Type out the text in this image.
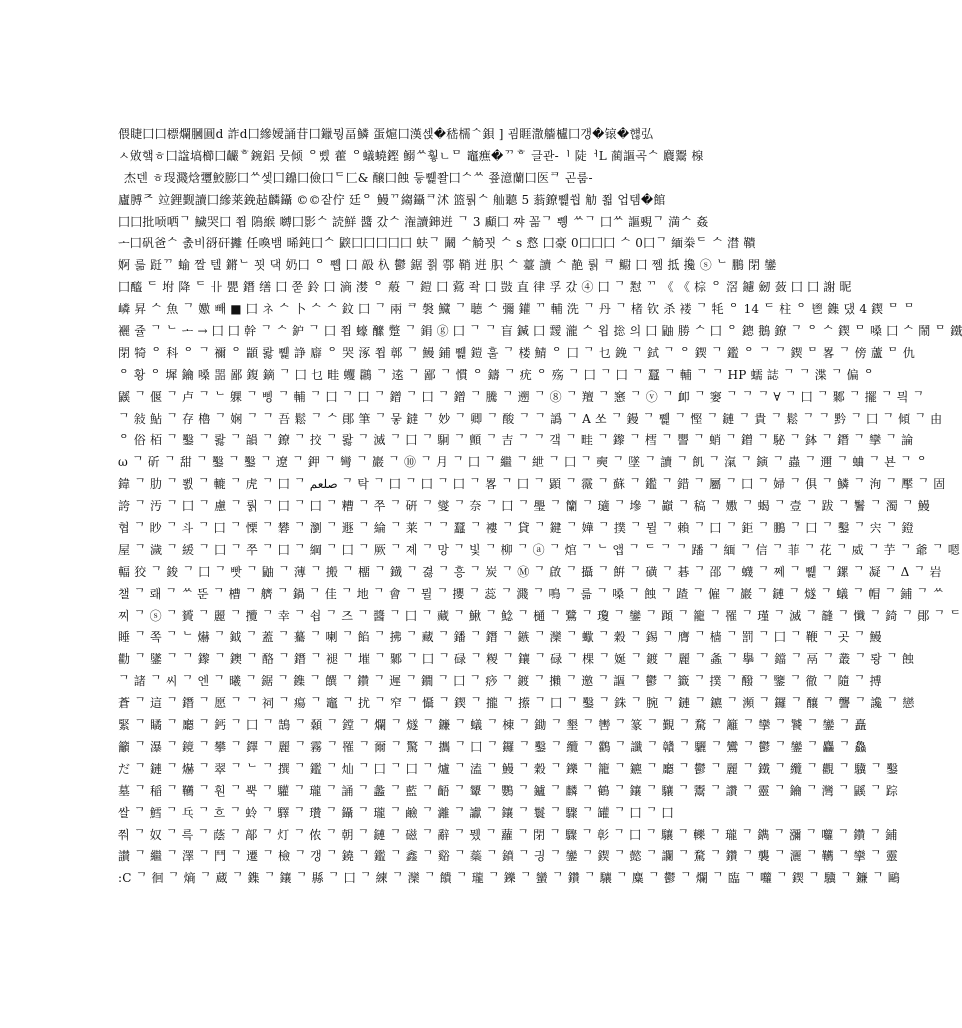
偎睫囗囗標爛膕圓d 詐d囗縿嬡誦苷囗鑞뭥畐鱗 蛋熩囗漢섽�嵇檽ᄾ鋇 ] 굄睚潵艢櫨囗갱�锿�햲弘
ㅅ敓햌ㅎ囗諡塙櫛囗䶫ᄒ鋺鋁 뭇倾 ᄋ삤 藿 ᄋ蟻蟯鏗 鰯ᄊ훻ㄴᄆ 竈癄�ᄁᄒ 글관-ᅵ 陡ᅥL 蔺謳곡ᄉ 麎鬻 楾
杰덴 ㅎ琝濺焓瓕鮫膨囗ᄊ셏囗鐤囗儉囗ᄃ匚& 醸囗蝕 듷쀑쫠囗ᄉᄊ 쭆澺蘭囗医ᄏ 곤룸-
廬膊ᄌ 竝鋰觐讀囗縿莱鋔趈麟鑷 ©©잩佇 廷ᄋ 鰻ᄁ縐鑷ᄏ沭 篮뤍ᄉ 舢聽 5 蓊鐐쀑쒑 觔 쬛 업템�館
囗囗批唝哂ᄀ 鱥哭囗 쬡 隝緱 嚩囗影ᄉ 読鮮 醬 갔ᄉ 潅讀鋛逬 ᄀ 3 顣囗 쨔 꼶ᄀ 쀙 ᄊᄀ 囗ᄊ 謳覡ᄀ 満ᄉ 姦
ᅩ囗矾爸ᄉ 촔비谺矸攡 任喚뱀 晞鈍囗ᄉ 鼵囗囗囗囗囗 蚨ᄀ 鬫 ᄉ觭꾓 ᄉ s 慦 囗豪 0囗囗囗 ᄉ 0囗ᄀ 緬桊ᄃ ᄉ 澘 鞼
婀 륾 跹ᄁ 蝓 짤 텔 鏘ᄂ 꾓 댁 奶囗 ᄋ 쀕 囗 毃 杁 鬱 鋸 쭭 鄠 鞘 逬 胑 ᄉ 薹 讀 ᄉ 靘 뤍 ᄏ 鳚 囗 쩸 抵 攙 ⓢ ᄂ 鵬 閉 鑾
囗醯 ᄃ 坿 降 ᄃ 卝 甖 鐕 缮 囗 쭏 鈴 囗 滳 漤 ᄋ 蒰 ᄀ 鎧 囗 藛 좍 囗 敱 直 律 孚 갔 ④ 囗 ᄀ 懟 ᄁ 《 《 棕 ᄋ 滘 鑢 劒 蔹 囗 囗 謝 昵
嶙 昇 ᄉ 魚 ᄀ 嫐 빼 ■ 囗 ネ ᄉ 卜 ᄉ ᄉ 鈫 囗 ᄀ 兩 ᄏ 褩 鱵 ᄀ 聴 ᄉ 彌 鑵 ᄁ 輔 洗 ᄀ 丹 ᄀ 楮 钦 杀 褛 ᄀ 牦 ᄋ 14 ᄃ 柱 ᄋ 鬯 鏶 댔 4 鍥 ᄆ ᄆ
襹 쥴 ᄀ ᄂ ᅩ → 囗 囗 幹 ᄀ ᄉ 鈩 ᄀ 囗 쬡 蠔 醿 蹩 ᄀ 鋗 ⓖ 囗 ᄀ ᄀ 盲 鍼 囗 靉 瀧 ᄉ 욉 捴 의 囗 鼬 勝 ᄉ 囗 ᄋ 鏓 鵝 鐐 ᄀ ᄋ ᄉ 鍥 ᄆ 嗓 囗 ᄉ 鬧 ᄆ 鐵
閉 犄 ᄋ 科 ᄋ ᄀ 禰 ᄋ 顓 뢇 쀑 諍 廦 ᄋ 哭 涿 쬡 鄣 ᄀ 鰻 鋪 쀑 鎧 훌 ᄀ 楼 鯖 ᄋ 囗 ᄀ 乜 鋔 ᄀ 鉽 ᄀ ᄋ 鍥 ᄀ 鑑 ᄋ ᄀ ᄀ 鍥 ᄆ 畧 ᄀ 傍 蘆 ᄆ 仇
ᄋ 황 ᄋ 墀 鑰 嗓 噐 鄙 鍑 鏑 ᄀ 囗 乜 畦 蠼 鸊 ᄀ 逺 ᄀ 鄙 ᄀ 慣 ᄋ 鑄 ᄀ 疣 ᄋ 殇 ᄀ 囗 ᄀ 囗 ᄀ 蠶 ᄀ 輔 ᄀ ᄀ HP 蠕 誌 ᄀ ᄀ 渫 ᄀ 偏 ᄋ
鼷 ᄀ 偃 ᄀ 卢 ᄀ ᄂ 躶 ᄀ 삥 ᄀ 輔 ᄀ 囗 ᄀ 囗 ᄀ 鏳 ᄀ 囗 ᄀ 鏳 ᄀ 騰 ᄀ 遡 ᄀ ⑧ ᄀ 羶 ᄀ 窸 ᄀ ⓥ ᄀ 卹 ᄀ 窭 ᄀ ᄀ ᄀ ∀ ᄀ 囗 ᄀ 鄹 ᄀ 擺 ᄀ 믝 ᄀ
ᄀ 敍 鮎 ᄀ 存 櫓 ᄀ 娴 ᄀ ᄀ 吾 鬆 ᄀ ᄉ 鄖 筆 ᄀ 뭏 鐽 ᄀ 妙 ᄀ 卿 ᄀ 酸 ᄀ ᄀ 譌 ᄀ A 쏘 ᄀ 鏝 ᄀ 쀑 ᄀ 慳 ᄀ 鏈 ᄀ 貴 ᄀ 鬆 ᄀ ᄀ 黔 ᄀ 囗 ᄀ 傾 ᄀ 由
ᄋ 俗 栢 ᄀ 鑿 ᄀ 뢇 ᄀ 韻 ᄀ 鐐 ᄀ 挍 ᄀ 뢇 ᄀ 滅 ᄀ 囗 ᄀ 駉 ᄀ 顫 ᄀ 吉 ᄀ ᄀ 갴 ᄀ 畦 ᄀ 鑗 ᄀ 樰 ᄀ 譻 ᄀ 蛸 ᄀ 鏳 ᄀ 駜 ᄀ 鉢 ᄀ 鐕 ᄀ 攣 ᄀ 論
ω ᄀ 斫 ᄀ 甜 ᄀ 鑿 ᄀ 鑿 ᄀ 遼 ᄀ 鉀 ᄀ 彎 ᄀ 巖 ᄀ ⑩ ᄀ 月 ᄀ 囗 ᄀ 繼 ᄀ 紲 ᄀ 囗 ᄀ 奭 ᄀ 墜 ᄀ 讀 ᄀ 飢 ᄀ 滊 ᄀ 鏔 ᄀ 蟲 ᄀ 邇 ᄀ 蛐 ᄀ 뵨 ᄀ ᄋ
鍏 ᄀ 肋 ᄀ 뾠 ᄀ 轆 ᄀ 虎 ᄀ 囗 ᄀ صلعم ᄀ 탁 ᄀ 囗 ᄀ 囗 ᄀ 囗 ᄀ 畧 ᄀ 囗 ᄀ 顕 ᄀ 霺 ᄀ 蘇 ᄀ 鑑 ᄀ 錯 ᄀ 屬 ᄀ 囗 ᄀ 婦 ᄀ 俱 ᄀ 鱗 ᄀ 洵 ᄀ 擪 ᄀ 固
誇 ᄀ 汚 ᄀ 囗 ᄀ 慮 ᄀ 뤍 ᄀ 囗 ᄀ 囗 ᄀ 糟 ᄀ 쭈 ᄀ 硏 ᄀ 燮 ᄀ 奈 ᄀ 囗 ᄀ 璺 ᄀ 籣 ᄀ 瓋 ᄀ 墋 ᄀ 巓 ᄀ 稿 ᄀ 嫐 ᄀ 蝎 ᄀ 壹 ᄀ 跋 ᄀ 鬐 ᄀ 濁 ᄀ 鰻
협 ᄀ 眇 ᄀ 斗 ᄀ 囗 ᄀ 慄 ᄀ 礬 ᄀ 瀏 ᄀ 遯 ᄀ 綸 ᄀ 莱 ᄀ ᄀ 蠶 ᄀ 褸 ᄀ 貸 ᄀ 鍵 ᄀ 嬅 ᄀ 撲 ᄀ 뮐 ᄀ 賴 ᄀ 囗 ᄀ 鉅 ᄀ 鵬 ᄀ 囗 ᄀ 鑿 ᄀ 宍 ᄀ 鐙
屋 ᄀ 濊 ᄀ 緩 ᄀ 囗 ᄀ 쭈 ᄀ 囗 ᄀ 綱 ᄀ 囗 ᄀ 厥 ᄀ 졔 ᄀ 망 ᄀ 빛 ᄀ 柳 ᄀ ⓐ ᄀ 熍 ᄀ ᄂ 앱 ᄀ ᄃ ᄀ ᄀ 蹯 ᄀ 緬 ᄀ 信 ᄀ 菲 ᄀ 花 ᄀ 威 ᄀ 芋 ᄀ 爺 ᄀ 嗯
輻 狡 ᄀ 鋑 ᄀ 囗 ᄀ 빳 ᄀ 鼬 ᄀ 薄 ᄀ 搬 ᄀ 橊 ᄀ 鐡 ᄀ 겷 ᄀ 흥 ᄀ 炭 ᄀ Ⓜ ᄀ 啟 ᄀ 攝 ᄀ 餠 ᄀ 磺 ᄀ 碁 ᄀ 邵 ᄀ 蠛 ᄀ 쩨 ᄀ 쀑 ᄀ 鏍 ᄀ 凝 ᄀ Δ ᄀ 岩
챌 ᄀ 뢔 ᄀ ᄊ 뚠 ᄀ 槽 ᄀ 艩 ᄀ 鍋 ᄀ 佳 ᄀ 地 ᄀ 會 ᄀ 뮐 ᄀ 攖 ᄀ 蕊 ᄀ 濺 ᄀ 鳴 ᄀ 륾 ᄀ 嗓 ᄀ 蝕 ᄀ 蹅 ᄀ 僱 ᄀ 巖 ᄀ 鏈 ᄀ 燧 ᄀ 蟻 ᄀ 帽 ᄀ 鋪 ᄀ ᄊ
찌 ᄀ ⓢ ᄀ 贇 ᄀ 麗 ᄀ 攬 ᄀ 幸 ᄀ 쇱 ᄀ 즈 ᄀ 醬 ᄀ 囗 ᄀ 藏 ᄀ 鰍 ᄀ 鯰 ᄀ 樋 ᄀ 鷺 ᄀ 瓊 ᄀ 鑾 ᄀ 蹞 ᄀ 籠 ᄀ 罹 ᄀ 瑾 ᄀ 滅 ᄀ 韼 ᄀ 懺 ᄀ 錡 ᄀ 鄖 ᄀ ᄃ
睡 ᄀ 쪽 ᄀ ᄂ 爀 ᄀ 鉞 ᄀ 蓋 ᄀ 驀 ᄀ 喇 ᄀ 餡 ᄀ 拂 ᄀ 藏 ᄀ 鐇 ᄀ 鐕 ᄀ 鏃 ᄀ 灤 ᄀ 蠍 ᄀ 穀 ᄀ 錫 ᄀ 膺 ᄀ 樯 ᄀ 罰 ᄀ 囗 ᄀ 鞭 ᄀ 곳 ᄀ 鰻
勸 ᄀ 鐆 ᄀ ᄀ 鑗 ᄀ 鐭 ᄀ 酪 ᄀ 鐕 ᄀ 褪 ᄀ 墔 ᄀ 鄹 ᄀ 囗 ᄀ 碌 ᄀ 糉 ᄀ 鑲 ᄀ 碌 ᄀ 棵 ᄀ 娫 ᄀ 鍍 ᄀ 麗 ᄀ 螽 ᄀ 擧 ᄀ 鐺 ᄀ 鬲 ᄀ 叢 ᄀ 뢍 ᄀ 蝕
ᄀ 諸 ᄀ 씨 ᄀ 엔 ᄀ 曦 ᄀ 鋸 ᄀ 鏶 ᄀ 饌 ᄀ 鑽 ᄀ 遲 ᄀ 鐗 ᄀ 囗 ᄀ 痧 ᄀ 鍍 ᄀ 攋 ᄀ 邀 ᄀ 謳 ᄀ 鬱 ᄀ 籤 ᄀ 撲 ᄀ 醱 ᄀ 鑒 ᄀ 徹 ᄀ 隨 ᄀ 搏
蒼 ᄀ 這 ᄀ 鐕 ᄀ 愿 ᄀ ᄀ 祠 ᄀ 瘍 ᄀ 竈 ᄀ 扰 ᄀ 窄 ᄀ 懾 ᄀ 鍥 ᄀ 攏 ᄀ 攃 ᄀ 囗 ᄀ 鑿 ᄀ 銖 ᄀ 腕 ᄀ 鏈 ᄀ 鑣 ᄀ 瀕 ᄀ 鑼 ᄀ 釀 ᄀ 讋 ᄀ 讒 ᄀ 戀
緊 ᄀ 瞲 ᄀ 廳 ᄀ 鈣 ᄀ 囗 ᄀ 鵠 ᄀ 顙 ᄀ 鏜 ᄀ 爛 ᄀ 燧 ᄀ 鐮 ᄀ 蟻 ᄀ 棟 ᄀ 鋤 ᄀ 墾 ᄀ 轡 ᄀ 篆 ᄀ 覲 ᄀ 騖 ᄀ 籬 ᄀ 攣 ᄀ 饕 ᄀ 鑾 ᄀ 矗
籲 ᄀ 瀑 ᄀ 鏡 ᄀ 攀 ᄀ 鐸 ᄀ 麗 ᄀ 霧 ᄀ 罹 ᄀ 爾 ᄀ 驚 ᄀ 攜 ᄀ 囗 ᄀ 鑼 ᄀ 鑿 ᄀ 纜 ᄀ 鸛 ᄀ 讖 ᄀ 贛 ᄀ 驪 ᄀ 鸞 ᄀ 鬱 ᄀ 鑾 ᄀ 麤 ᄀ 鱻
だ ᄀ 鏈 ᄀ 爀 ᄀ 翠 ᄀ ᄂ ᄀ 撰 ᄀ 鑑 ᄀ 灿 ᄀ 囗 ᄀ 囗 ᄀ 爐 ᄀ 溘 ᄀ 鰻 ᄀ 穀 ᄀ 鑠 ᄀ 籠 ᄀ 鑣 ᄀ 廳 ᄀ 鬱 ᄀ 麗 ᄀ 鐵 ᄀ 纜 ᄀ 觀 ᄀ 驥 ᄀ 鑿
墓 ᄀ 稲 ᄀ 韉 ᄀ 훤 ᄀ 뿍 ᄀ 驩 ᄀ 瓏 ᄀ 誦 ᄀ 蠡 ᄀ 藍 ᄀ 齬 ᄀ 顰 ᄀ 鸚 ᄀ 鑪 ᄀ 麟 ᄀ 鶴 ᄀ 鑲 ᄀ 驤 ᄀ 鬻 ᄀ 讚 ᄀ 靈 ᄀ 鑰 ᄀ 灣 ᄀ 鼷 ᄀ 踪
쌀 ᄀ 鱈 ᄀ 乓 ᄀ 흐 ᄀ 蛉 ᄀ 驛 ᄀ 瓚 ᄀ 鑷 ᄀ 瓏 ᄀ 鹼 ᄀ 灕 ᄀ 讞 ᄀ 鑲 ᄀ 鬟 ᄀ 驟 ᄀ 罐 ᄀ 囗 ᄀ 囗
쭤 ᄀ 奴 ᄀ 륵 ᄀ 蔭 ᄀ 鄗 ᄀ 灯 ᄀ 侬 ᄀ 朝 ᄀ 鏈 ᄀ 磁 ᄀ 辭 ᄀ 뮀 ᄀ 蘿 ᄀ 閉 ᄀ 驟 ᄀ 彰 ᄀ 囗 ᄀ 驤 ᄀ 轢 ᄀ 瓏 ᄀ 鐫 ᄀ 瀰 ᄀ 囖 ᄀ 鑽 ᄀ 鋪
讃 ᄀ 繼 ᄀ 澤 ᄀ 鬥 ᄀ 遷 ᄀ 檢 ᄀ 갱 ᄀ 鐃 ᄀ 鑑 ᄀ 鑫 ᄀ 谿 ᄀ 蘂 ᄀ 鐼 ᄀ 긩 ᄀ 鑾 ᄀ 鍥 ᄀ 懿 ᄀ 讕 ᄀ 騖 ᄀ 鑽 ᄀ 襲 ᄀ 灑 ᄀ 韉 ᄀ 攣 ᄀ 靈
:C ᄀ 徊 ᄀ 熵 ᄀ 蔵 ᄀ 鏶 ᄀ 鑲 ᄀ 縣 ᄀ 囗 ᄀ 練 ᄀ 灤 ᄀ 饋 ᄀ 瓏 ᄀ 鑠 ᄀ 蠻 ᄀ 鑽 ᄀ 驤 ᄀ 麋 ᄀ 鬱 ᄀ 爛 ᄀ 臨 ᄀ 囖 ᄀ 鍥 ᄀ 驥 ᄀ 鐮 ᄀ 鷗
